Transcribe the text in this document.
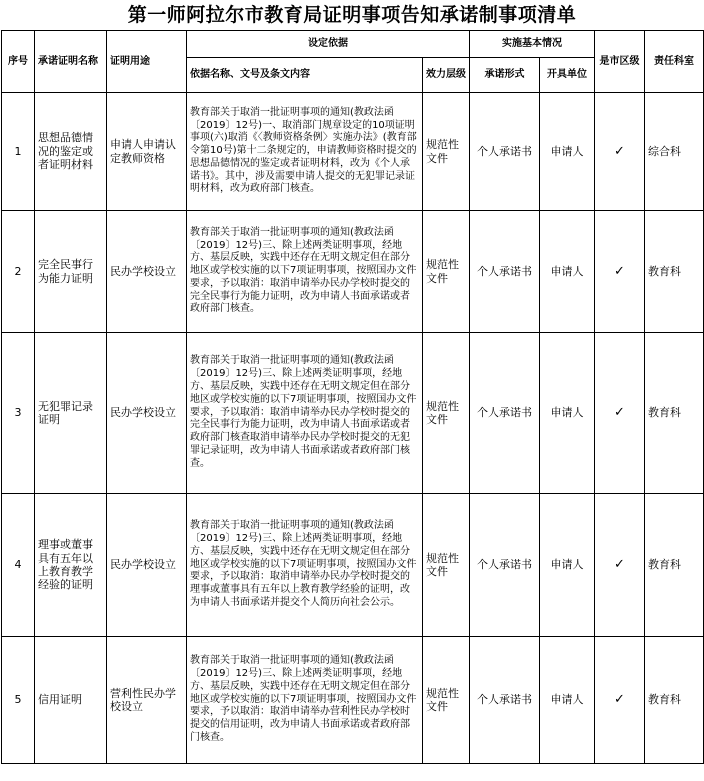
第一师阿拉尔市教育局证明事项告知承诺制事项清单
序号	承诺证明名称	证明用途	设定依据		实施基本情况		是市区级	责任科室
			依据名称、文号及条文内容	效力层级	承诺形式	开具单位		
1	思想品德情况的鉴定或者证明材料	申请人申请认定教师资格	教育部关于取消一批证明事项的通知(教政法函〔2019〕12号)一、取消部门规章设定的10项证明事项(六)取消《〈教师资格条例〉实施办法》(教育部令第10号)第十二条规定的，申请教师资格时提交的思想品德情况的鉴定或者证明材料，改为《个人承诺书》。其中，涉及需要申请人提交的无犯罪记录证明材料，改为政府部门核查。	规范性文件	个人承诺书	申请人	✓	综合科
2	完全民事行为能力证明	民办学校设立	教育部关于取消一批证明事项的通知(教政法函〔2019〕12号)三、除上述两类证明事项，经地方、基层反映，实践中还存在无明文规定但在部分地区或学校实施的以下7项证明事项，按照国办文件要求，予以取消：取消申请举办民办学校时提交的完全民事行为能力证明，改为申请人书面承诺或者政府部门核查。	规范性文件	个人承诺书	申请人	✓	教育科
3	无犯罪记录证明	民办学校设立	教育部关于取消一批证明事项的通知(教政法函〔2019〕12号)三、除上述两类证明事项，经地方、基层反映，实践中还存在无明文规定但在部分地区或学校实施的以下7项证明事项，按照国办文件要求，予以取消：取消申请举办民办学校时提交的完全民事行为能力证明，改为申请人书面承诺或者政府部门核查取消申请举办民办学校时提交的无犯罪记录证明，改为申请人书面承诺或者政府部门核查。	规范性文件	个人承诺书	申请人	✓	教育科
4	理事或董事具有五年以上教育教学经验的证明	民办学校设立	教育部关于取消一批证明事项的通知(教政法函〔2019〕12号)三、除上述两类证明事项，经地方、基层反映，实践中还存在无明文规定但在部分地区或学校实施的以下7项证明事项，按照国办文件要求，予以取消：取消申请举办民办学校时提交的理事或董事具有五年以上教育教学经验的证明，改为申请人书面承诺并提交个人简历向社会公示。	规范性文件	个人承诺书	申请人	✓	教育科
5	信用证明	营利性民办学校设立	教育部关于取消一批证明事项的通知(教政法函〔2019〕12号)三、除上述两类证明事项，经地方、基层反映，实践中还存在无明文规定但在部分地区或学校实施的以下7项证明事项，按照国办文件要求，予以取消：取消申请举办营利性民办学校时提交的信用证明，改为申请人书面承诺或者政府部门核查。	规范性文件	个人承诺书	申请人	✓	教育科
